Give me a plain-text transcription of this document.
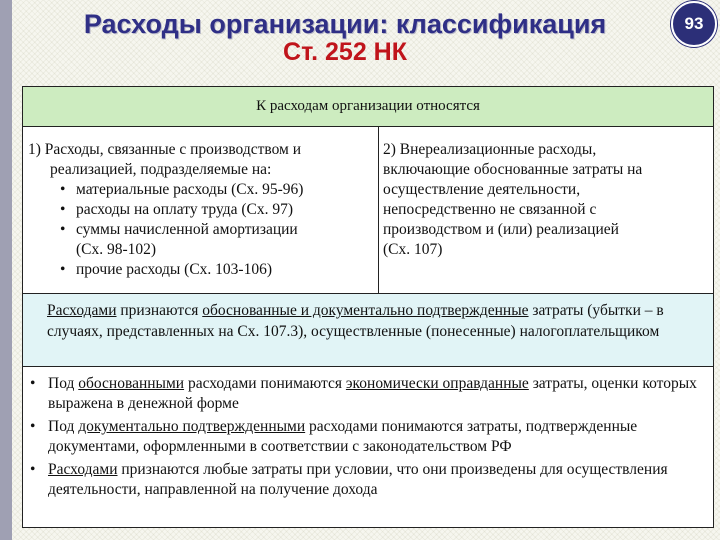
Расходы организации: классификация
Ст. 252 НК
93
К расходам организации относятся
1) Расходы, связанные с производством и
реализацией, подразделяемые на:
• материальные расходы (Сх. 95-96)
• расходы на оплату труда (Сх. 97)
• суммы начисленной амортизации
(Сх. 98-102)
• прочие расходы (Сх. 103-106)
2) Внереализационные расходы,
включающие обоснованные затраты на
осуществление деятельности,
непосредственно не связанной с
производством и (или) реализацией
(Сх. 107)
Расходами признаются обоснованные и документально подтвержденные затраты (убытки – в случаях, представленных на Сх. 107.3), осуществленные (понесенные) налогоплательщиком
• Под обоснованными расходами понимаются экономически оправданные затраты, оценки которых выражена в денежной форме
• Под документально подтвержденными расходами понимаются затраты, подтвержденные документами, оформленными в соответствии с законодательством РФ
• Расходами признаются любые затраты при условии, что они произведены для осуществления деятельности, направленной на получение дохода
